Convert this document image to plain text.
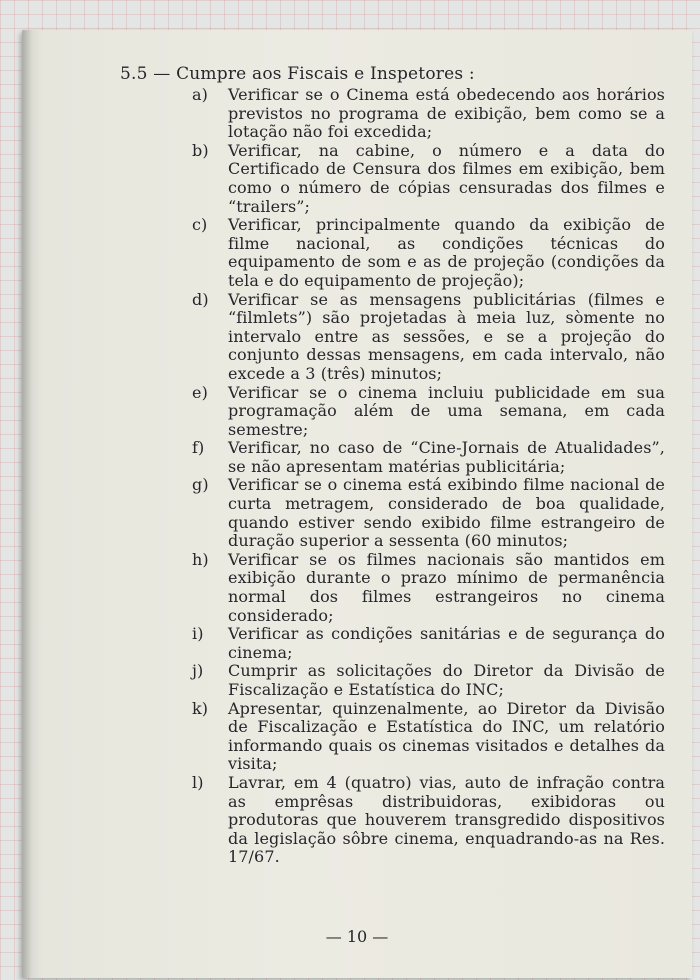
5.5 — Cumpre aos Fiscais e Inspetores :

a) Verificar se o Cinema está obedecendo aos horários previstos no programa de exibição, bem como se a lotação não foi excedida;

b) Verificar, na cabine, o número e a data do Certificado de Censura dos filmes em exibição, bem como o número de cópias censuradas dos filmes e “trailers”;

c) Verificar, principalmente quando da exibição de filme nacional, as condições técnicas do equipamento de som e as de projeção (condições da tela e do equipamento de projeção);

d) Verificar se as mensagens publicitárias (filmes e “filmlets”) são projetadas à meia luz, sòmente no intervalo entre as sessões, e se a projeção do conjunto dessas mensagens, em cada intervalo, não excede a 3 (três) minutos;

e) Verificar se o cinema incluiu publicidade em sua programação além de uma semana, em cada semestre;

f) Verificar, no caso de “Cine-Jornais de Atualidades”, se não apresentam matérias publicitária;

g) Verificar se o cinema está exibindo filme nacional de curta metragem, considerado de boa qualidade, quando estiver sendo exibido filme estrangeiro de duração superior a sessenta (60 minutos;

h) Verificar se os filmes nacionais são mantidos em exibição durante o prazo mínimo de permanência normal dos filmes estrangeiros no cinema considerado;

i) Verificar as condições sanitárias e de segurança do cinema;

j) Cumprir as solicitações do Diretor da Divisão de Fiscalização e Estatística do INC;

k) Apresentar, quinzenalmente, ao Diretor da Divisão de Fiscalização e Estatística do INC, um relatório informando quais os cinemas visitados e detalhes da visita;

l) Lavrar, em 4 (quatro) vias, auto de infração contra as emprêsas distribuidoras, exibidoras ou produtoras que houverem transgredido dispositivos da legislação sôbre cinema, enquadrando-as na Res. 17/67.

— 10 —
